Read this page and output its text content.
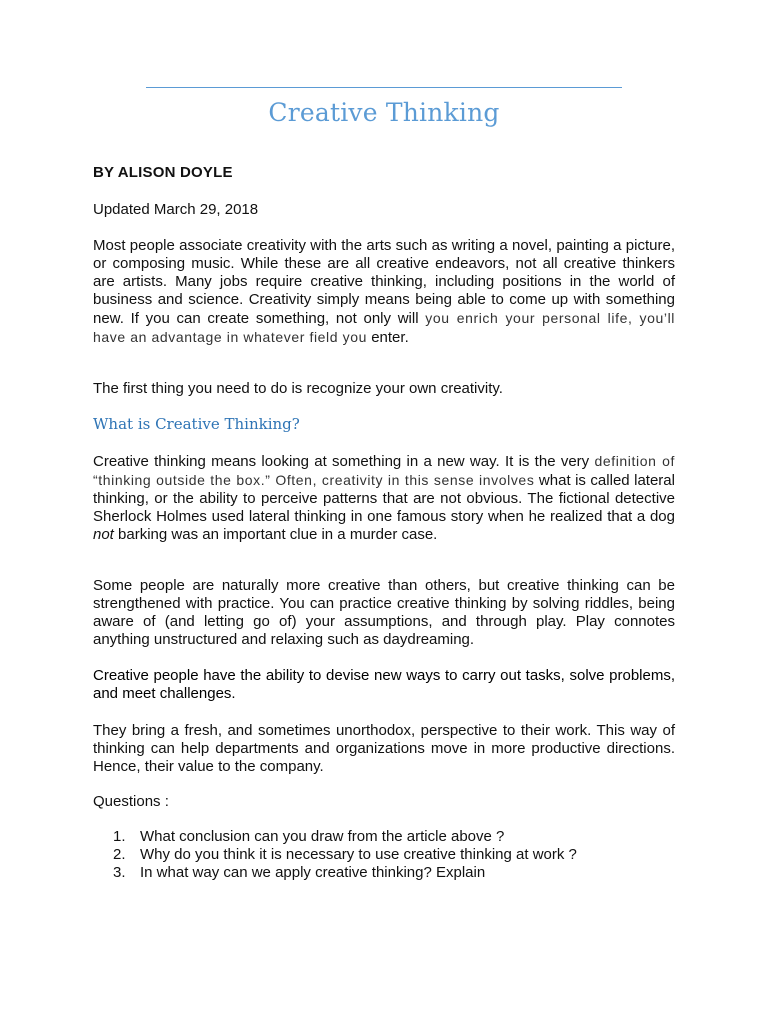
Creative Thinking
BY ALISON DOYLE
Updated March 29, 2018
Most people associate creativity with the arts such as writing a novel, painting a picture, or composing music. While these are all creative endeavors, not all creative thinkers are artists. Many jobs require creative thinking, including positions in the world of business and science. Creativity simply means being able to come up with something new. If you can create something, not only will you enrich your personal life, you’ll have an advantage in whatever field you enter.
The first thing you need to do is recognize your own creativity.
What is Creative Thinking?
Creative thinking means looking at something in a new way. It is the very definition of “thinking outside the box.” Often, creativity in this sense involves what is called lateral thinking, or the ability to perceive patterns that are not obvious. The fictional detective Sherlock Holmes used lateral thinking in one famous story when he realized that a dog not barking was an important clue in a murder case.
Some people are naturally more creative than others, but creative thinking can be strengthened with practice. You can practice creative thinking by solving riddles, being aware of (and letting go of) your assumptions, and through play. Play connotes anything unstructured and relaxing such as daydreaming.
Creative people have the ability to devise new ways to carry out tasks, solve problems, and meet challenges.
They bring a fresh, and sometimes unorthodox, perspective to their work. This way of thinking can help departments and organizations move in more productive directions. Hence, their value to the company.
Questions :
1. What conclusion can you draw from the article above ?
2. Why do you think it is necessary to use creative thinking at work ?
3. In what way can we apply creative thinking? Explain
